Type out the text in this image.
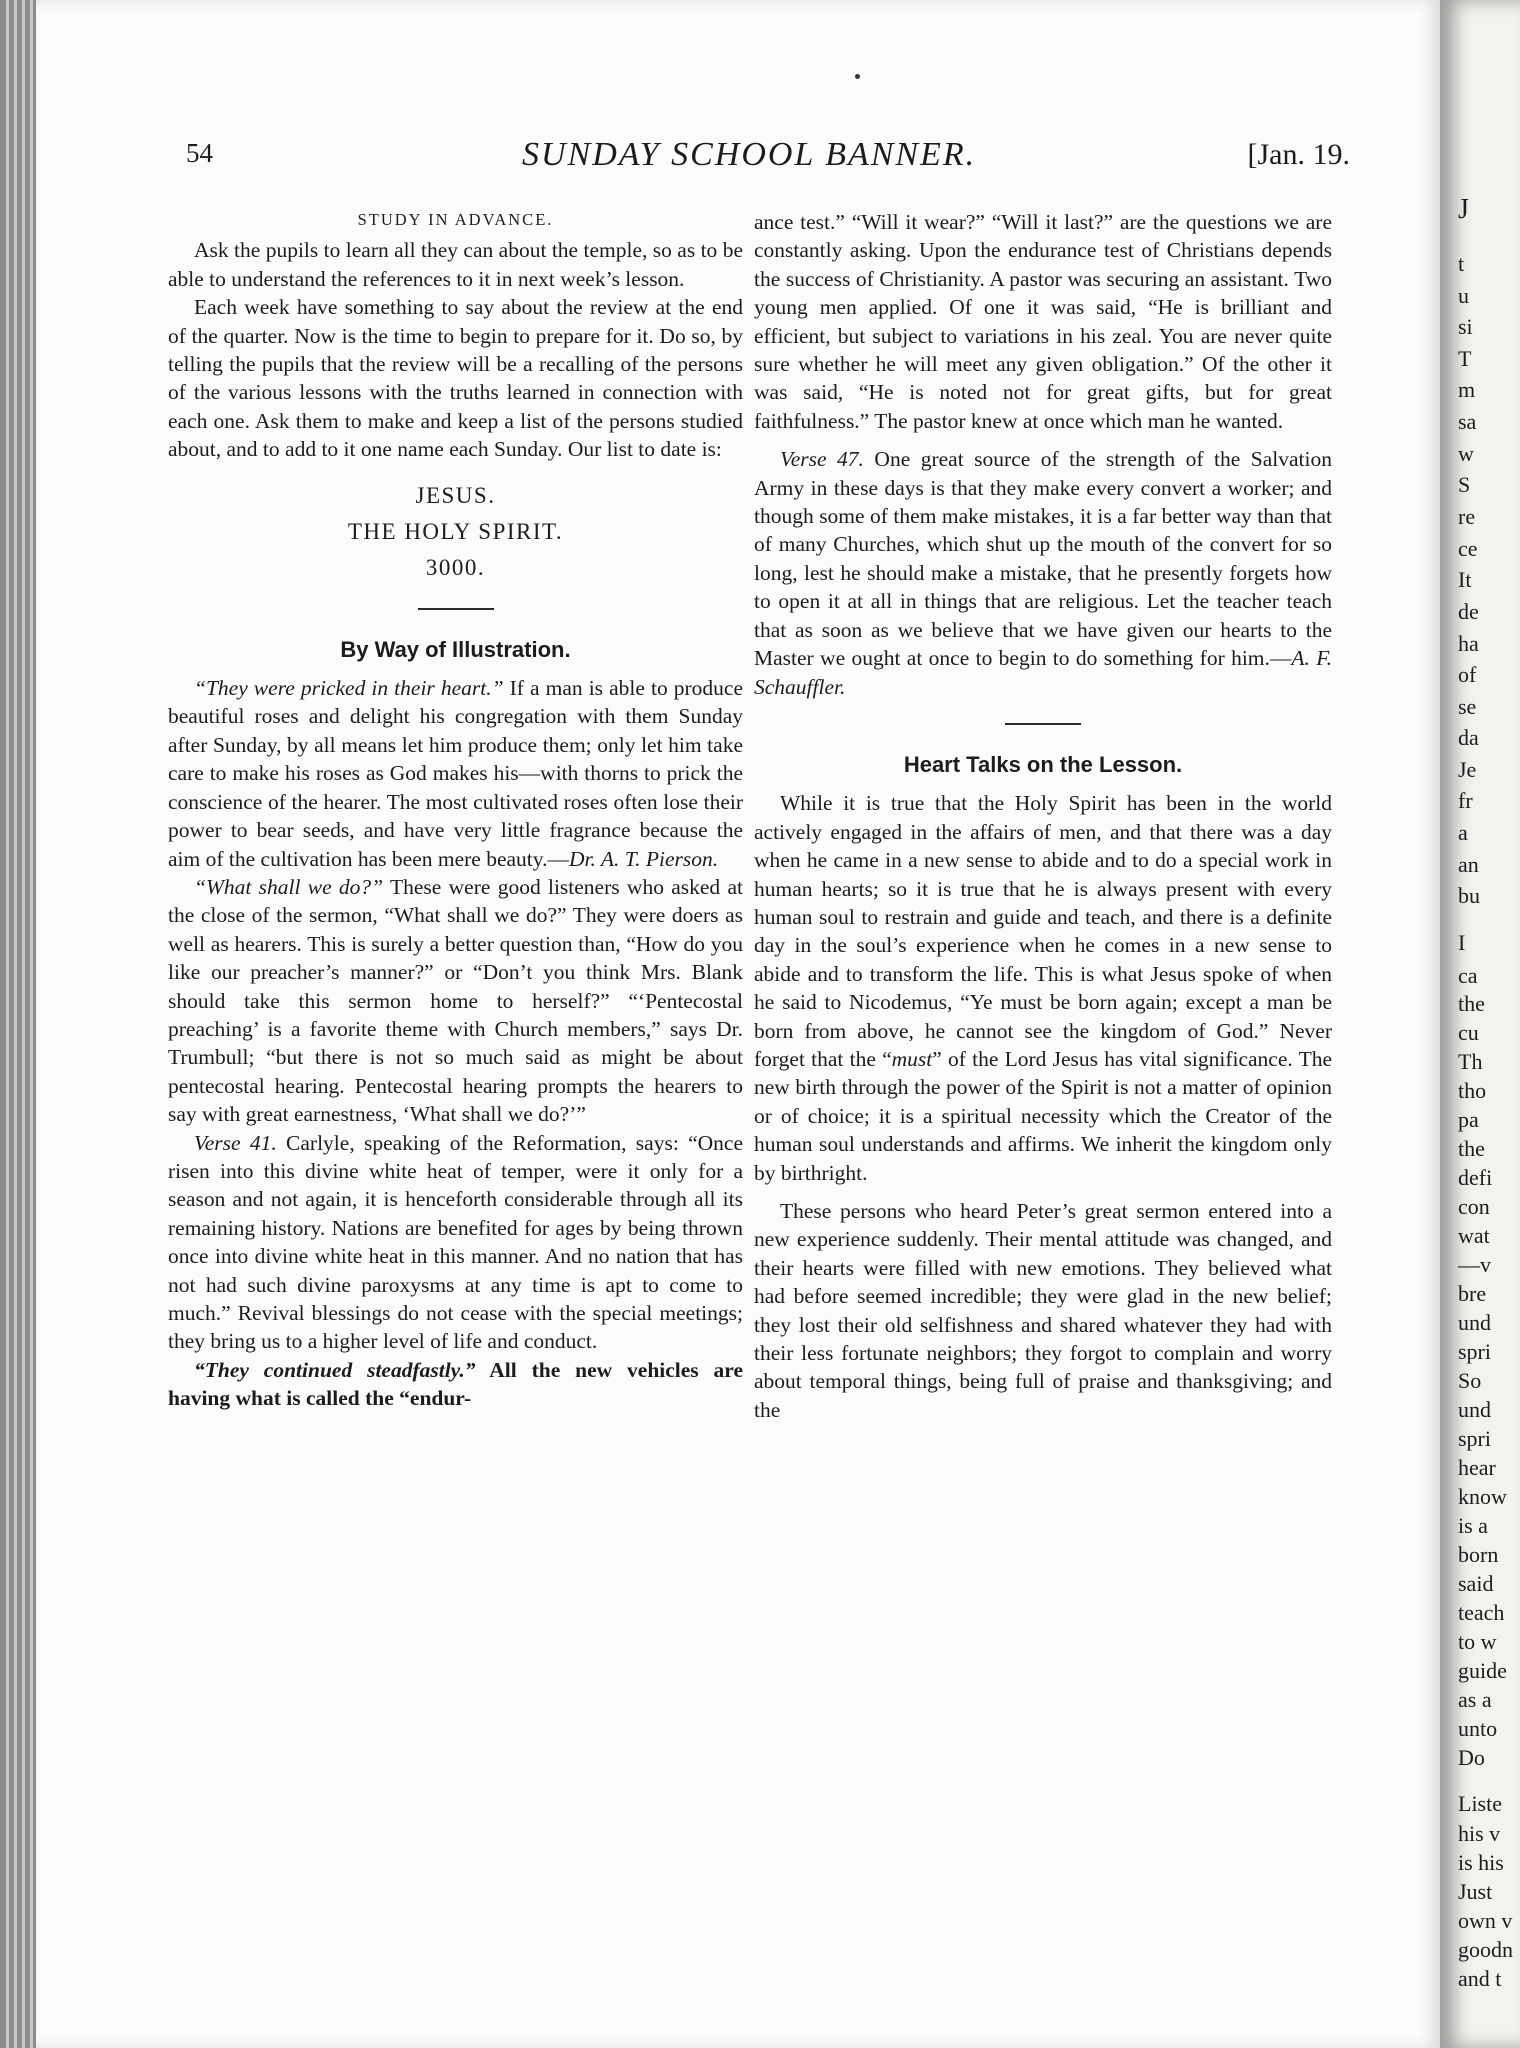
54	SUNDAY SCHOOL BANNER.	[Jan. 19.
STUDY IN ADVANCE.

Ask the pupils to learn all they can about the temple, so as to be able to understand the references to it in next week’s lesson.

Each week have something to say about the review at the end of the quarter. Now is the time to begin to prepare for it. Do so, by telling the pupils that the review will be a recalling of the persons of the various lessons with the truths learned in connection with each one. Ask them to make and keep a list of the persons studied about, and to add to it one name each Sunday. Our list to date is:

JESUS.

THE HOLY SPIRIT.

3000.

By Way of Illustration.

“They were pricked in their heart.” If a man is able to produce beautiful roses and delight his congregation with them Sunday after Sunday, by all means let him produce them; only let him take care to make his roses as God makes his—with thorns to prick the conscience of the hearer. The most cultivated roses often lose their power to bear seeds, and have very little fragrance because the aim of the cultivation has been mere beauty.—Dr. A. T. Pierson.

“What shall we do?” These were good listeners who asked at the close of the sermon, “What shall we do?” They were doers as well as hearers. This is surely a better question than, “How do you like our preacher’s manner?” or “Don’t you think Mrs. Blank should take this sermon home to herself?” “‘Pentecostal preaching’ is a favorite theme with Church members,” says Dr. Trumbull; “but there is not so much said as might be about pentecostal hearing. Pentecostal hearing prompts the hearers to say with great earnestness, ‘What shall we do?’”

Verse 41. Carlyle, speaking of the Reformation, says: “Once risen into this divine white heat of temper, were it only for a season and not again, it is henceforth considerable through all its remaining history. Nations are benefited for ages by being thrown once into divine white heat in this manner. And no nation that has not had such divine paroxysms at any time is apt to come to much.” Revival blessings do not cease with the special meetings; they bring us to a higher level of life and conduct.

“They continued steadfastly.” All the new vehicles are having what is called the “endur-

ance test.” “Will it wear?” “Will it last?” are the questions we are constantly asking. Upon the endurance test of Christians depends the success of Christianity. A pastor was securing an assistant. Two young men applied. Of one it was said, “He is brilliant and efficient, but subject to variations in his zeal. You are never quite sure whether he will meet any given obligation.” Of the other it was said, “He is noted not for great gifts, but for great faithfulness.” The pastor knew at once which man he wanted.

Verse 47. One great source of the strength of the Salvation Army in these days is that they make every convert a worker; and though some of them make mistakes, it is a far better way than that of many Churches, which shut up the mouth of the convert for so long, lest he should make a mistake, that he presently forgets how to open it at all in things that are religious. Let the teacher teach that as soon as we believe that we have given our hearts to the Master we ought at once to begin to do something for him.—A. F. Schauffler.

Heart Talks on the Lesson.

While it is true that the Holy Spirit has been in the world actively engaged in the affairs of men, and that there was a day when he came in a new sense to abide and to do a special work in human hearts; so it is true that he is always present with every human soul to restrain and guide and teach, and there is a definite day in the soul’s experience when he comes in a new sense to abide and to transform the life. This is what Jesus spoke of when he said to Nicodemus, “Ye must be born again; except a man be born from above, he cannot see the kingdom of God.” Never forget that the “must” of the Lord Jesus has vital significance. The new birth through the power of the Spirit is not a matter of opinion or of choice; it is a spiritual necessity which the Creator of the human soul understands and affirms. We inherit the kingdom only by birthright.

These persons who heard Peter’s great sermon entered into a new experience suddenly. Their mental attitude was changed, and their hearts were filled with new emotions. They believed what had before seemed incredible; they were glad in the new belief; they lost their old selfishness and shared whatever they had with their less fortunate neighbors; they forgot to complain and worry about temporal things, being full of praise and thanksgiving; and the

J
t
u
si
T
m
sa
w
S
re
ce
It
de
ha
of
se
da
Je
fr
a
an
bu
I
ca
the
cu
Th
tho
pa
the
defi
con
wat
—v
bre
und
spri
So
und
spri
hear
know
is a
born
said
teach
to w
guide
as a
unto
Do
Liste
his v
is his
Just
own v
goodn
and t
